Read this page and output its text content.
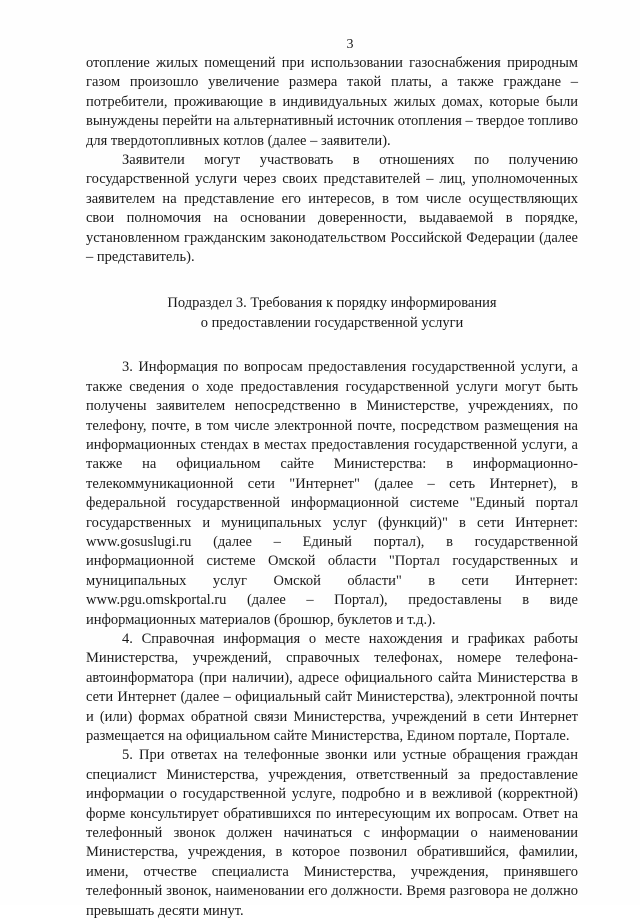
3

отопление жилых помещений при использовании газоснабжения природным газом произошло увеличение размера такой платы, а также граждане – потребители, проживающие в индивидуальных жилых домах, которые были вынуждены перейти на альтернативный источник отопления – твердое топливо для твердотопливных котлов (далее – заявители).

Заявители могут участвовать в отношениях по получению государственной услуги через своих представителей – лиц, уполномоченных заявителем на представление его интересов, в том числе осуществляющих свои полномочия на основании доверенности, выдаваемой в порядке, установленном гражданским законодательством Российской Федерации (далее – представитель).

Подраздел 3. Требования к порядку информирования
о предоставлении государственной услуги

3. Информация по вопросам предоставления государственной услуги, а также сведения о ходе предоставления государственной услуги могут быть получены заявителем непосредственно в Министерстве, учреждениях, по телефону, почте, в том числе электронной почте, посредством размещения на информационных стендах в местах предоставления государственной услуги, а также на официальном сайте Министерства: в информационно-телекоммуникационной сети "Интернет" (далее – сеть Интернет), в федеральной государственной информационной системе "Единый портал государственных и муниципальных услуг (функций)" в сети Интернет: www.gosuslugi.ru (далее – Единый портал), в государственной информационной системе Омской области "Портал государственных и муниципальных услуг Омской области" в сети Интернет: www.pgu.omskportal.ru (далее – Портал), предоставлены в виде информационных материалов (брошюр, буклетов и т.д.).

4. Справочная информация о месте нахождения и графиках работы Министерства, учреждений, справочных телефонах, номере телефона-автоинформатора (при наличии), адресе официального сайта Министерства в сети Интернет (далее – официальный сайт Министерства), электронной почты и (или) формах обратной связи Министерства, учреждений в сети Интернет размещается на официальном сайте Министерства, Едином портале, Портале.

5. При ответах на телефонные звонки или устные обращения граждан специалист Министерства, учреждения, ответственный за предоставление информации о государственной услуге, подробно и в вежливой (корректной) форме консультирует обратившихся по интересующим их вопросам. Ответ на телефонный звонок должен начинаться с информации о наименовании Министерства, учреждения, в которое позвонил обратившийся, фамилии, имени, отчестве специалиста Министерства, учреждения, принявшего телефонный звонок, наименовании его должности. Время разговора не должно превышать десяти минут.
